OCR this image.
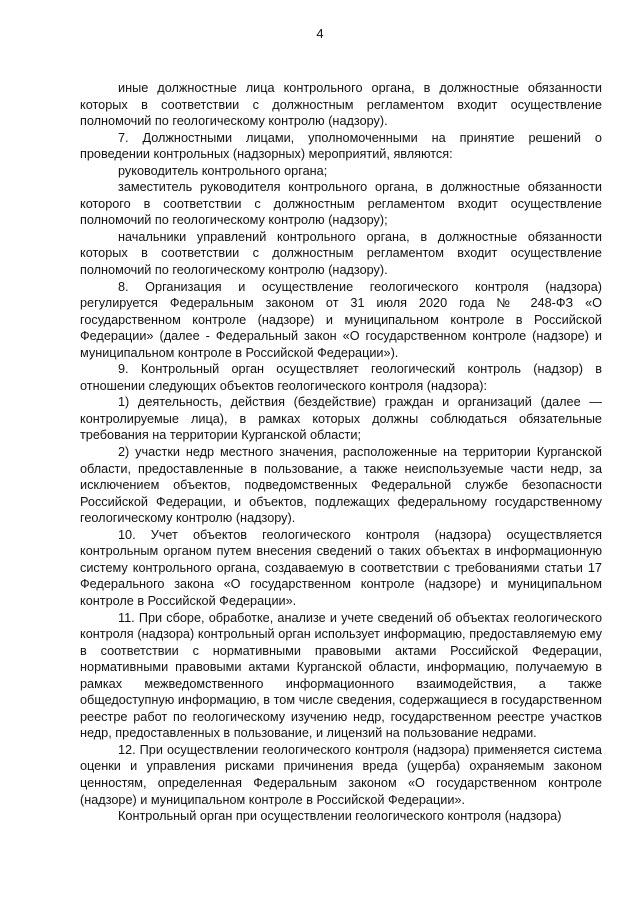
4

иные должностные лица контрольного органа, в должностные обязанности которых в соответствии с должностным регламентом входит осуществление полномочий по геологическому контролю (надзору).

7. Должностными лицами, уполномоченными на принятие решений о проведении контрольных (надзорных) мероприятий, являются:

руководитель контрольного органа;

заместитель руководителя контрольного органа, в должностные обязанности которого в соответствии с должностным регламентом входит осуществление полномочий по геологическому контролю (надзору);

начальники управлений контрольного органа, в должностные обязанности которых в соответствии с должностным регламентом входит осуществление полномочий по геологическому контролю (надзору).

8. Организация и осуществление геологического контроля (надзора) регулируется Федеральным законом от 31 июля 2020 года № 248-ФЗ «О государственном контроле (надзоре) и муниципальном контроле в Российской Федерации» (далее - Федеральный закон «О государственном контроле (надзоре) и муниципальном контроле в Российской Федерации»).

9. Контрольный орган осуществляет геологический контроль (надзор) в отношении следующих объектов геологического контроля (надзора):

1) деятельность, действия (бездействие) граждан и организаций (далее — контролируемые лица), в рамках которых должны соблюдаться обязательные требования на территории Курганской области;

2) участки недр местного значения, расположенные на территории Курганской области, предоставленные в пользование, а также неиспользуемые части недр, за исключением объектов, подведомственных Федеральной службе безопасности Российской Федерации, и объектов, подлежащих федеральному государственному геологическому контролю (надзору).

10. Учет объектов геологического контроля (надзора) осуществляется контрольным органом путем внесения сведений о таких объектах в информационную систему контрольного органа, создаваемую в соответствии с требованиями статьи 17 Федерального закона «О государственном контроле (надзоре) и муниципальном контроле в Российской Федерации».

11. При сборе, обработке, анализе и учете сведений об объектах геологического контроля (надзора) контрольный орган использует информацию, предоставляемую ему в соответствии с нормативными правовыми актами Российской Федерации, нормативными правовыми актами Курганской области, информацию, получаемую в рамках межведомственного информационного взаимодействия, а также общедоступную информацию, в том числе сведения, содержащиеся в государственном реестре работ по геологическому изучению недр, государственном реестре участков недр, предоставленных в пользование, и лицензий на пользование недрами.

12. При осуществлении геологического контроля (надзора) применяется система оценки и управления рисками причинения вреда (ущерба) охраняемым законом ценностям, определенная Федеральным законом «О государственном контроле (надзоре) и муниципальном контроле в Российской Федерации».

Контрольный орган при осуществлении геологического контроля (надзора)
